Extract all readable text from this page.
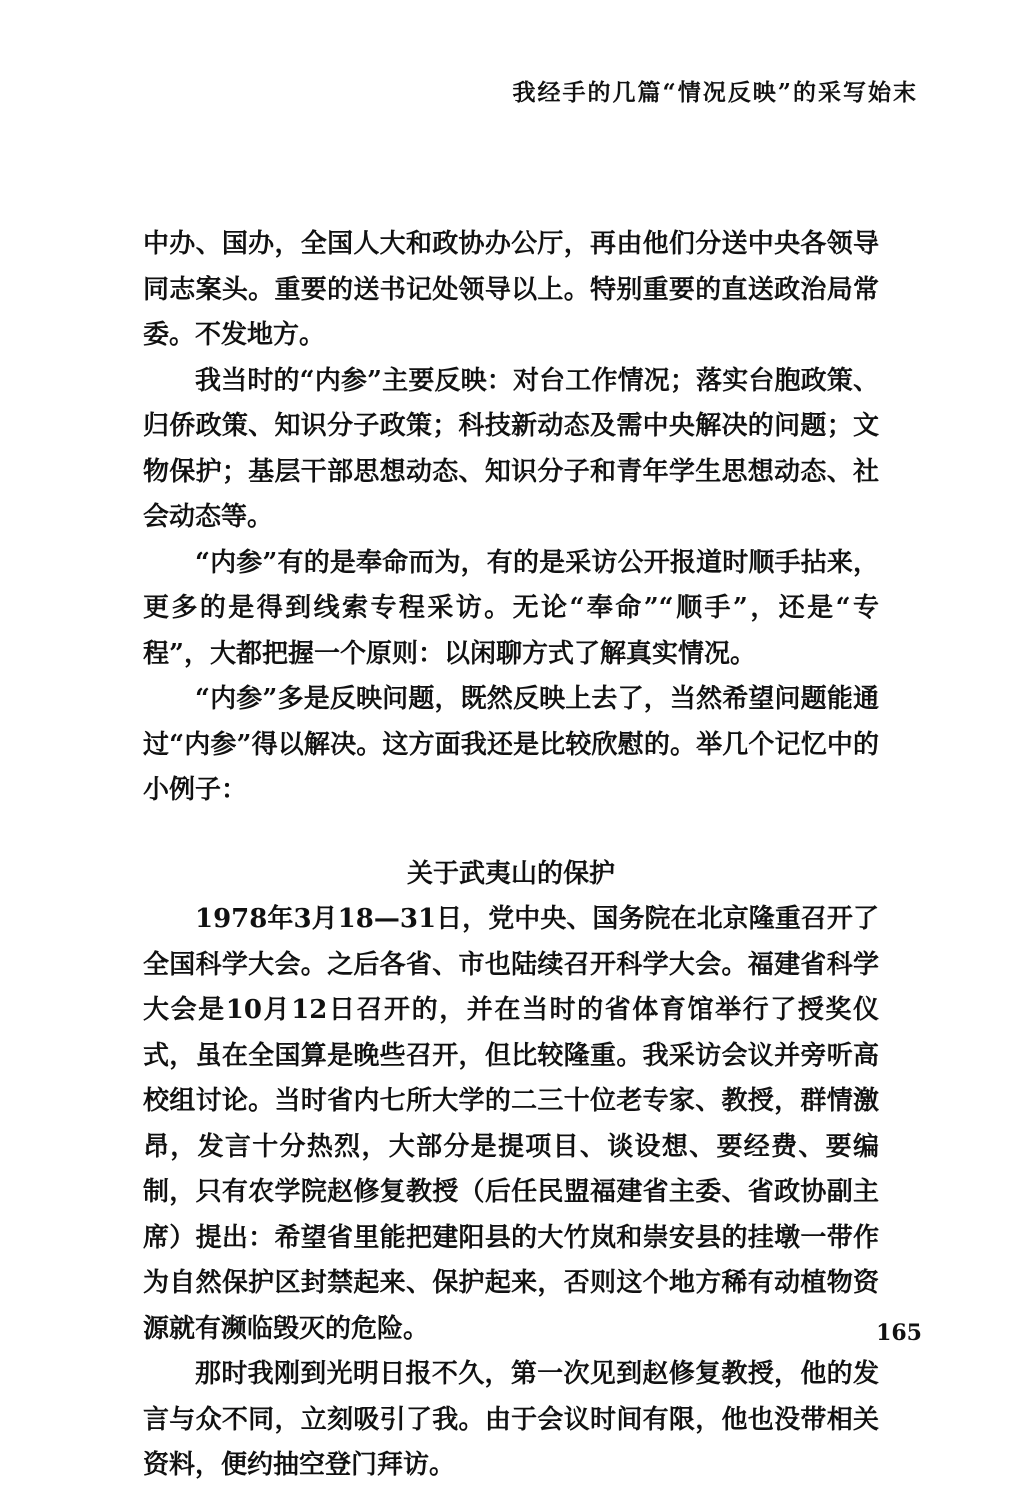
我经手的几篇“情况反映”的采写始末

中办、国办，全国人大和政协办公厅，再由他们分送中央各领导同志案头。重要的送书记处领导以上。特别重要的直送政治局常委。不发地方。

我当时的“内参”主要反映：对台工作情况；落实台胞政策、归侨政策、知识分子政策；科技新动态及需中央解决的问题；文物保护；基层干部思想动态、知识分子和青年学生思想动态、社会动态等。

“内参”有的是奉命而为，有的是采访公开报道时顺手拈来，更多的是得到线索专程采访。无论“奉命”“顺手”，还是“专程”，大都把握一个原则：以闲聊方式了解真实情况。

“内参”多是反映问题，既然反映上去了，当然希望问题能通过“内参”得以解决。这方面我还是比较欣慰的。举几个记忆中的小例子：

关于武夷山的保护

1978年3月18—31日，党中央、国务院在北京隆重召开了全国科学大会。之后各省、市也陆续召开科学大会。福建省科学大会是10月12日召开的，并在当时的省体育馆举行了授奖仪式，虽在全国算是晚些召开，但比较隆重。我采访会议并旁听高校组讨论。当时省内七所大学的二三十位老专家、教授，群情激昂，发言十分热烈，大部分是提项目、谈设想、要经费、要编制，只有农学院赵修复教授（后任民盟福建省主委、省政协副主席）提出：希望省里能把建阳县的大竹岚和崇安县的挂墩一带作为自然保护区封禁起来、保护起来，否则这个地方稀有动植物资源就有濒临毁灭的危险。

那时我刚到光明日报不久，第一次见到赵修复教授，他的发言与众不同，立刻吸引了我。由于会议时间有限，他也没带相关资料，便约抽空登门拜访。

165
